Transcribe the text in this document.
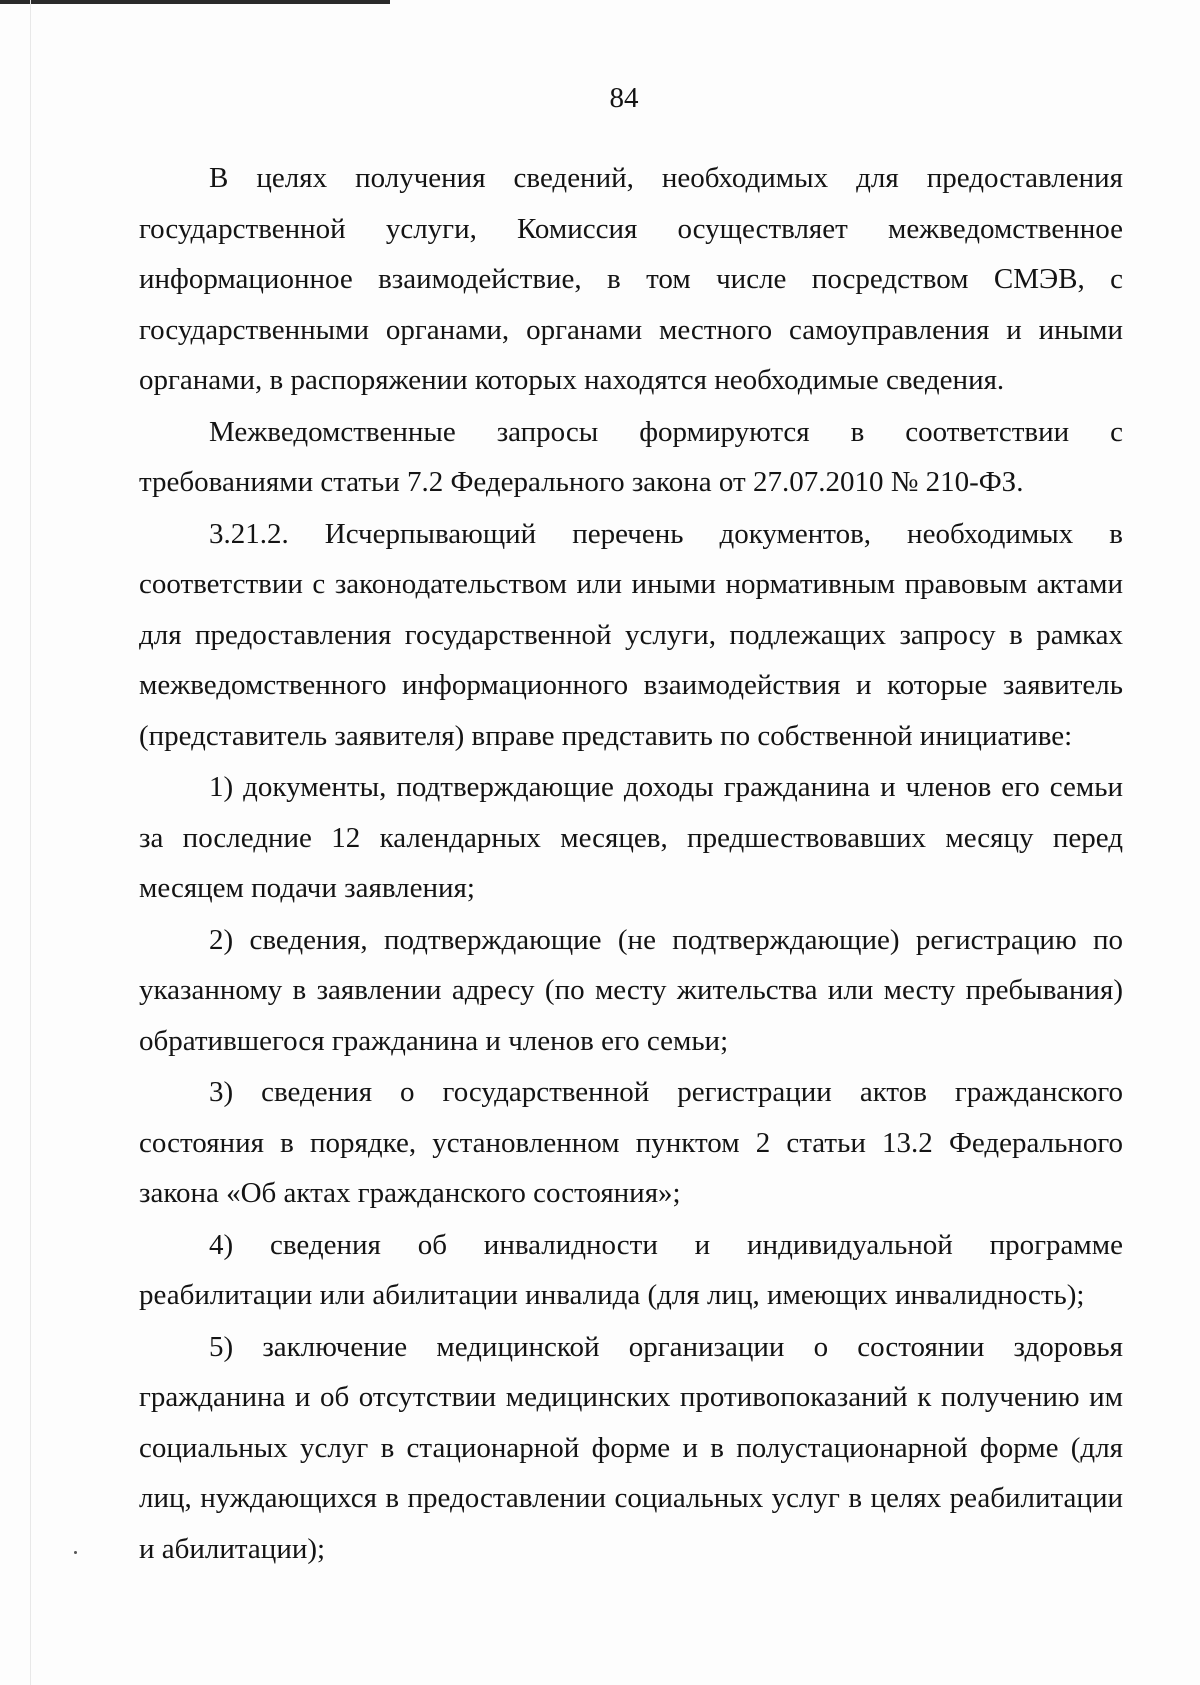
84

В целях получения сведений, необходимых для предоставления государственной услуги, Комиссия осуществляет межведомственное информационное взаимодействие, в том числе посредством СМЭВ, с государственными органами, органами местного самоуправления и иными органами, в распоряжении которых находятся необходимые сведения.

Межведомственные запросы формируются в соответствии с требованиями статьи 7.2 Федерального закона от 27.07.2010 № 210-ФЗ.

3.21.2. Исчерпывающий перечень документов, необходимых в соответствии с законодательством или иными нормативным правовым актами для предоставления государственной услуги, подлежащих запросу в рамках межведомственного информационного взаимодействия и которые заявитель (представитель заявителя) вправе представить по собственной инициативе:

1) документы, подтверждающие доходы гражданина и членов его семьи за последние 12 календарных месяцев, предшествовавших месяцу перед месяцем подачи заявления;

2) сведения, подтверждающие (не подтверждающие) регистрацию по указанному в заявлении адресу (по месту жительства или месту пребывания) обратившегося гражданина и членов его семьи;

3) сведения о государственной регистрации актов гражданского состояния в порядке, установленном пунктом 2 статьи 13.2 Федерального закона «Об актах гражданского состояния»;

4) сведения об инвалидности и индивидуальной программе реабилитации или абилитации инвалида (для лиц, имеющих инвалидность);

5) заключение медицинской организации о состоянии здоровья гражданина и об отсутствии медицинских противопоказаний к получению им социальных услуг в стационарной форме и в полустационарной форме (для лиц, нуждающихся в предоставлении социальных услуг в целях реабилитации и абилитации);
